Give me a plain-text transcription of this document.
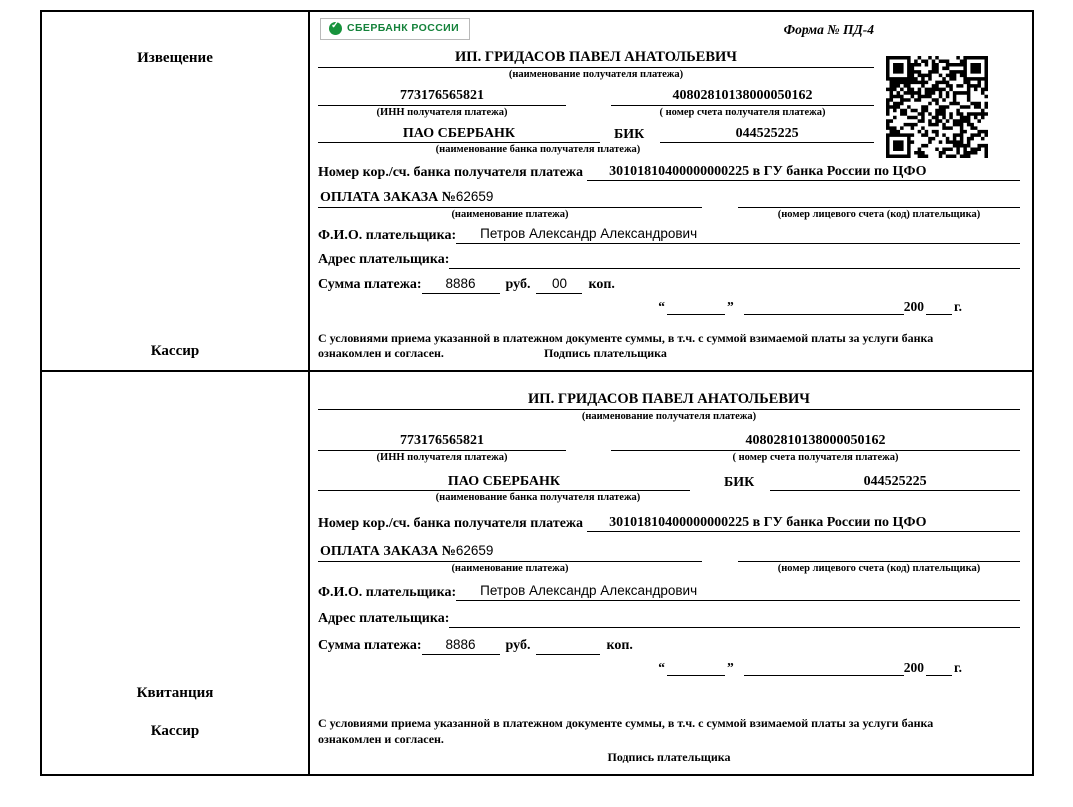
Извещение
Кассир
✓
СБЕРБАНК РОССИИ	Форма № ПД-4
ИП. ГРИДАСОВ ПАВЕЛ АНАТОЛЬЕВИЧ
(наименование получателя платежа)
773176565821	40802810138000050162
(ИНН получателя платежа)	( номер счета получателя платежа)
ПАО СБЕРБАНК	БИК	044525225
(наименование банка получателя платежа)
Номер кор./сч. банка получателя платежа	30101810400000000225 в ГУ банка России по ЦФО
ОПЛАТА ЗАКАЗА №62659
(наименование платежа)	(номер лицевого счета (код) плательщика)
Ф.И.О. плательщика:	Петров Александр Александрович
Адрес плательщика:
Сумма платежа:	8886	руб.	00	коп.
“	”	200 г.
С условиями приема указанной в платежном документе суммы, в т.ч. с суммой взимаемой платы за услуги банка
ознакомлен и согласен.	Подпись плательщика
Квитанция
Кассир
ИП. ГРИДАСОВ ПАВЕЛ АНАТОЛЬЕВИЧ
(наименование получателя платежа)
773176565821	40802810138000050162
(ИНН получателя платежа)	( номер счета получателя платежа)
ПАО СБЕРБАНК	БИК	044525225
(наименование банка получателя платежа)
Номер кор./сч. банка получателя платежа	30101810400000000225 в ГУ банка России по ЦФО
ОПЛАТА ЗАКАЗА №62659
(наименование платежа)	(номер лицевого счета (код) плательщика)
Ф.И.О. плательщика:	Петров Александр Александрович
Адрес плательщика:
Сумма платежа:	8886	руб.	коп.
“	”	200 г.
С условиями приема указанной в платежном документе суммы, в т.ч. с суммой взимаемой платы за услуги банка
ознакомлен и согласен.
Подпись плательщика
